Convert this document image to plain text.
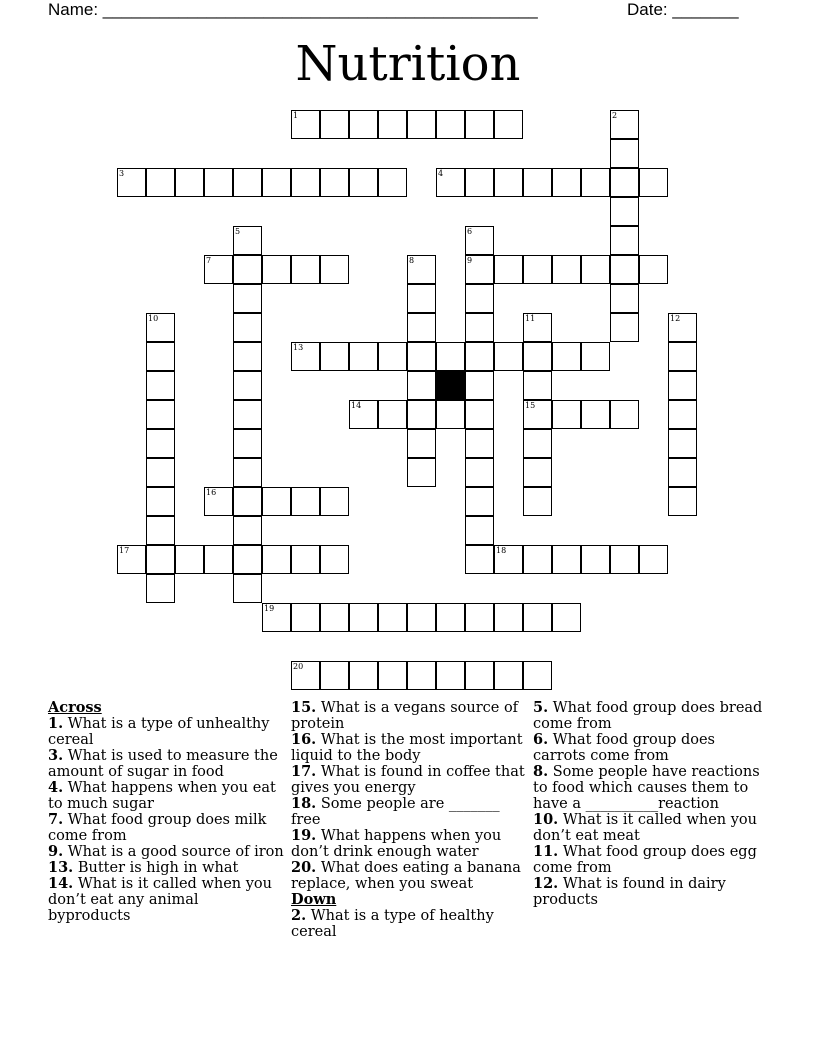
Name: ______________________________________________	Date: _______
Nutrition
1	2
3	4
5	6
9
7	8
10	11
15
12
13
14
16
17	18
19
20
Across
1. What is a type of unhealthy cereal
3. What is used to measure the amount of sugar in food
4. What happens when you eat to much sugar
7. What food group does milk come from
9. What is a good source of iron
13. Butter is high in what
14. What is it called when you don’t eat any animal byproducts
15. What is a vegans source of protein
16. What is the most important liquid to the body
17. What is found in coffee that gives you energy
18. Some people are _______ free
19. What happens when you don’t drink enough water
20. What does eating a banana replace, when you sweat
Down
2. What is a type of healthy cereal
5. What food group does bread come from
6. What food group does carrots come from
8. Some people have reactions to food which causes them to have a __________reaction
10. What is it called when you don’t eat meat
11. What food group does egg come from
12. What is found in dairy products
